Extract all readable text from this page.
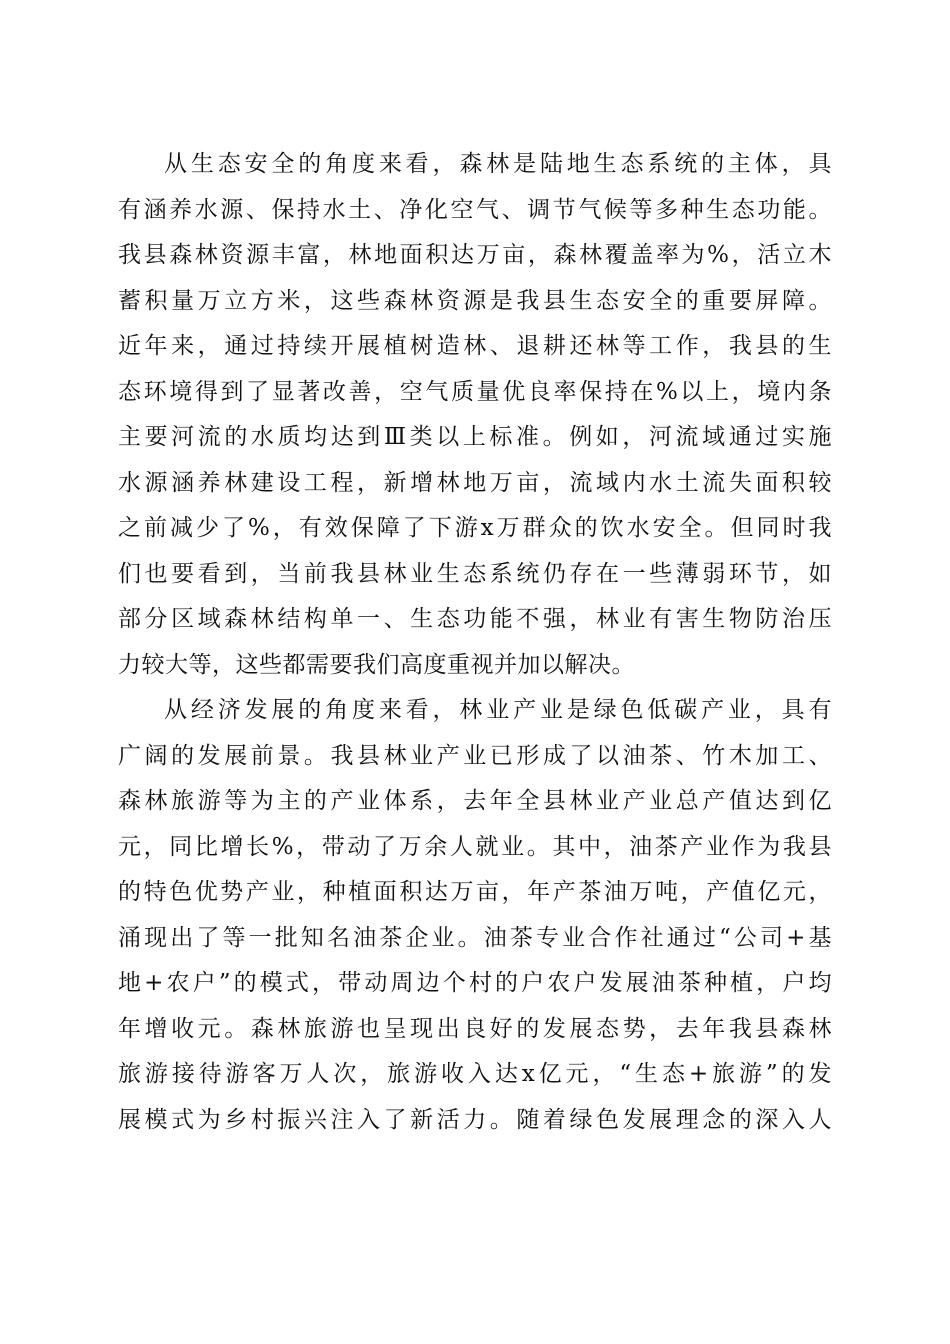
从生态安全的角度来看，森林是陆地生态系统的主体，具
有涵养水源、保持水土、净化空气、调节气候等多种生态功能。
我县森林资源丰富，林地面积达万亩，森林覆盖率为%，活立木
蓄积量万立方米，这些森林资源是我县生态安全的重要屏障。
近年来，通过持续开展植树造林、退耕还林等工作，我县的生
态环境得到了显著改善，空气质量优良率保持在%以上，境内条
主要河流的水质均达到Ⅲ类以上标准。例如，河流域通过实施
水源涵养林建设工程，新增林地万亩，流域内水土流失面积较
之前减少了%，有效保障了下游x万群众的饮水安全。但同时我
们也要看到，当前我县林业生态系统仍存在一些薄弱环节，如
部分区域森林结构单一、生态功能不强，林业有害生物防治压
力较大等，这些都需要我们高度重视并加以解决。
从经济发展的角度来看，林业产业是绿色低碳产业，具有
广阔的发展前景。我县林业产业已形成了以油茶、竹木加工、
森林旅游等为主的产业体系，去年全县林业产业总产值达到亿
元，同比增长%，带动了万余人就业。其中，油茶产业作为我县
的特色优势产业，种植面积达万亩，年产茶油万吨，产值亿元，
涌现出了等一批知名油茶企业。油茶专业合作社通过“公司+基
地+农户”的模式，带动周边个村的户农户发展油茶种植，户均
年增收元。森林旅游也呈现出良好的发展态势，去年我县森林
旅游接待游客万人次，旅游收入达x亿元，“生态+旅游”的发
展模式为乡村振兴注入了新活力。随着绿色发展理念的深入人
